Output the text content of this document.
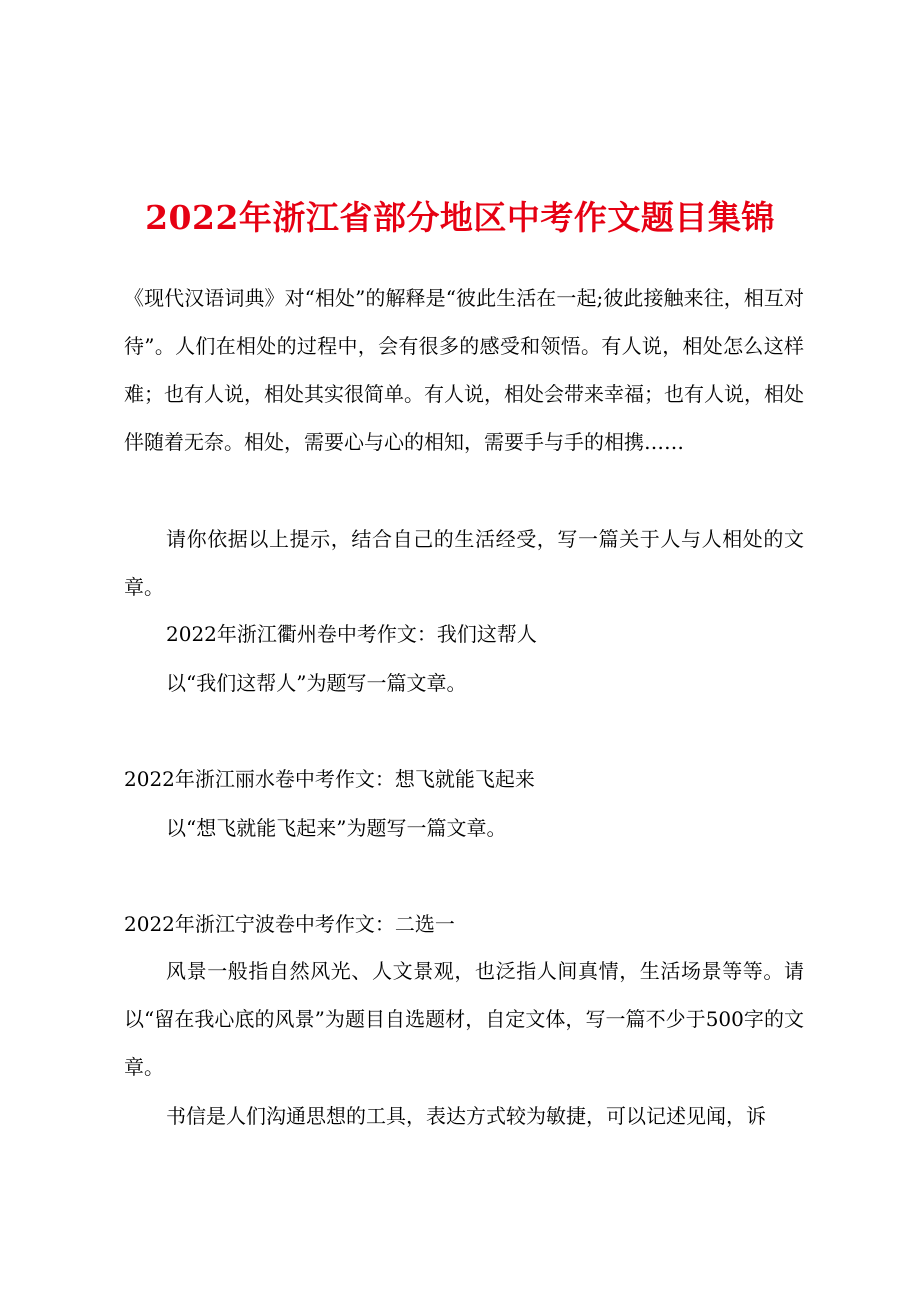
2022年浙江省部分地区中考作文题目集锦

《现代汉语词典》对“相处”的解释是“彼此生活在一起;彼此接触来往，相互对待”。人们在相处的过程中，会有很多的感受和领悟。有人说，相处怎么这样难；也有人说，相处其实很简单。有人说，相处会带来幸福；也有人说，相处伴随着无奈。相处，需要心与心的相知，需要手与手的相携……

请你依据以上提示，结合自己的生活经受，写一篇关于人与人相处的文章。

2022年浙江衢州卷中考作文：我们这帮人

以“我们这帮人”为题写一篇文章。

2022年浙江丽水卷中考作文：想飞就能飞起来

以“想飞就能飞起来”为题写一篇文章。

2022年浙江宁波卷中考作文：二选一

风景一般指自然风光、人文景观，也泛指人间真情，生活场景等等。请以“留在我心底的风景”为题目自选题材，自定文体，写一篇不少于500字的文章。

书信是人们沟通思想的工具，表达方式较为敏捷，可以记述见闻，诉
